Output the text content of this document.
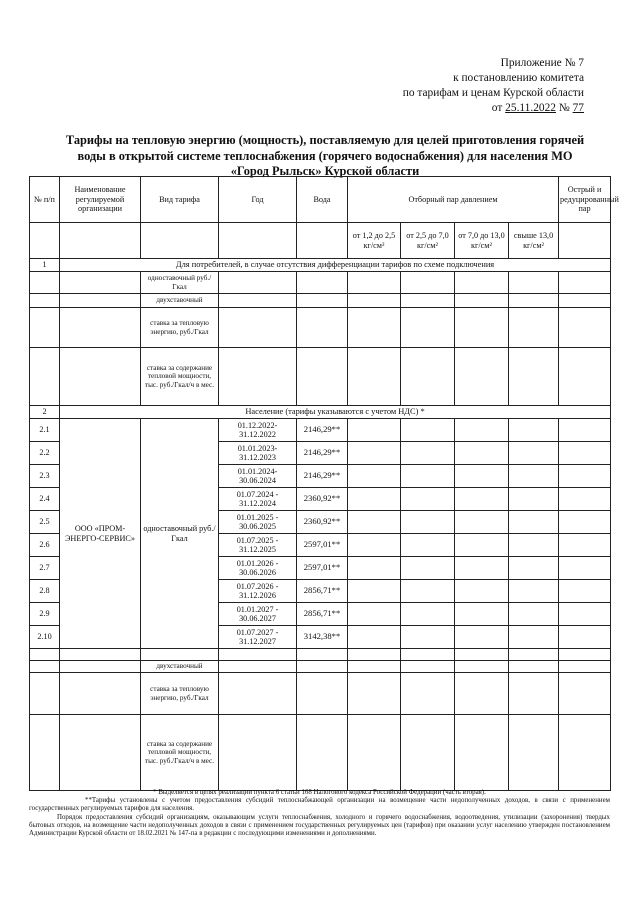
Приложение № 7
к постановлению комитета
по тарифам и ценам Курской области
от 25.11.2022 № 77
Тарифы на тепловую энергию (мощность), поставляемую для целей приготовления горячей воды в открытой системе теплоснабжения (горячего водоснабжения) для населения МО «Город Рыльск» Курской области
№ п/п	Наименование регулируемой организации	Вид тарифа	Год	Вода	Отборный пар давлением				Острый и редуцированный пар
					от 1,2 до 2,5 кг/см²	от 2,5 до 7,0 кг/см²	от 7,0 до 13,0 кг/см²	свыше 13,0 кг/см²	
1	Для потребителей, в случае отсутствия дифференциации тарифов по схеме подключения								
		одноставочный руб./Гкал							
		двухставочный							
		ставка за тепловую энергию, руб./Гкал							
		ставка за содержание тепловой мощности, тыс. руб./Гкал/ч в мес.							
2	Население (тарифы указываются с учетом НДС) *								
2.1	ООО «ПРОМ-ЭНЕРГО-СЕРВИС»	одноставочный руб./Гкал	01.12.2022-31.12.2022	2146,29**					
2.2			01.01.2023-31.12.2023	2146,29**					
2.3			01.01.2024-30.06.2024	2146,29**					
2.4			01.07.2024 - 31.12.2024	2360,92**					
2.5			01.01.2025 - 30.06.2025	2360,92**					
2.6			01.07.2025 - 31.12.2025	2597,01**					
2.7			01.01.2026 - 30.06.2026	2597,01**					
2.8			01.07.2026 - 31.12.2026	2856,71**					
2.9			01.01.2027 - 30.06.2027	2856,71**					
2.10			01.07.2027 - 31.12.2027	3142,38**					

		двухставочный							
		ставка за тепловую энергию, руб./Гкал							
		ставка за содержание тепловой мощности, тыс. руб./Гкал/ч в мес.							

* Выделяется в целях реализации пункта 6 статьи 168 Налогового кодекса Российской Федерации (часть вторая).

**Тарифы установлены с учетом предоставления субсидий теплоснабжающей организации на возмещение части недополученных доходов, в связи с применением государственных регулируемых тарифов для населения.

Порядок предоставления субсидий организациям, оказывающим услуги теплоснабжения, холодного и горячего водоснабжения, водоотведения, утилизации (захоронения) твердых бытовых отходов, на возмещение части недополученных доходов в связи с применением государственных регулируемых цен (тарифов) при оказании услуг населению утвержден постановлением Администрации Курской области от 18.02.2021 № 147-па в редакции с последующими изменениями и дополнениями.
